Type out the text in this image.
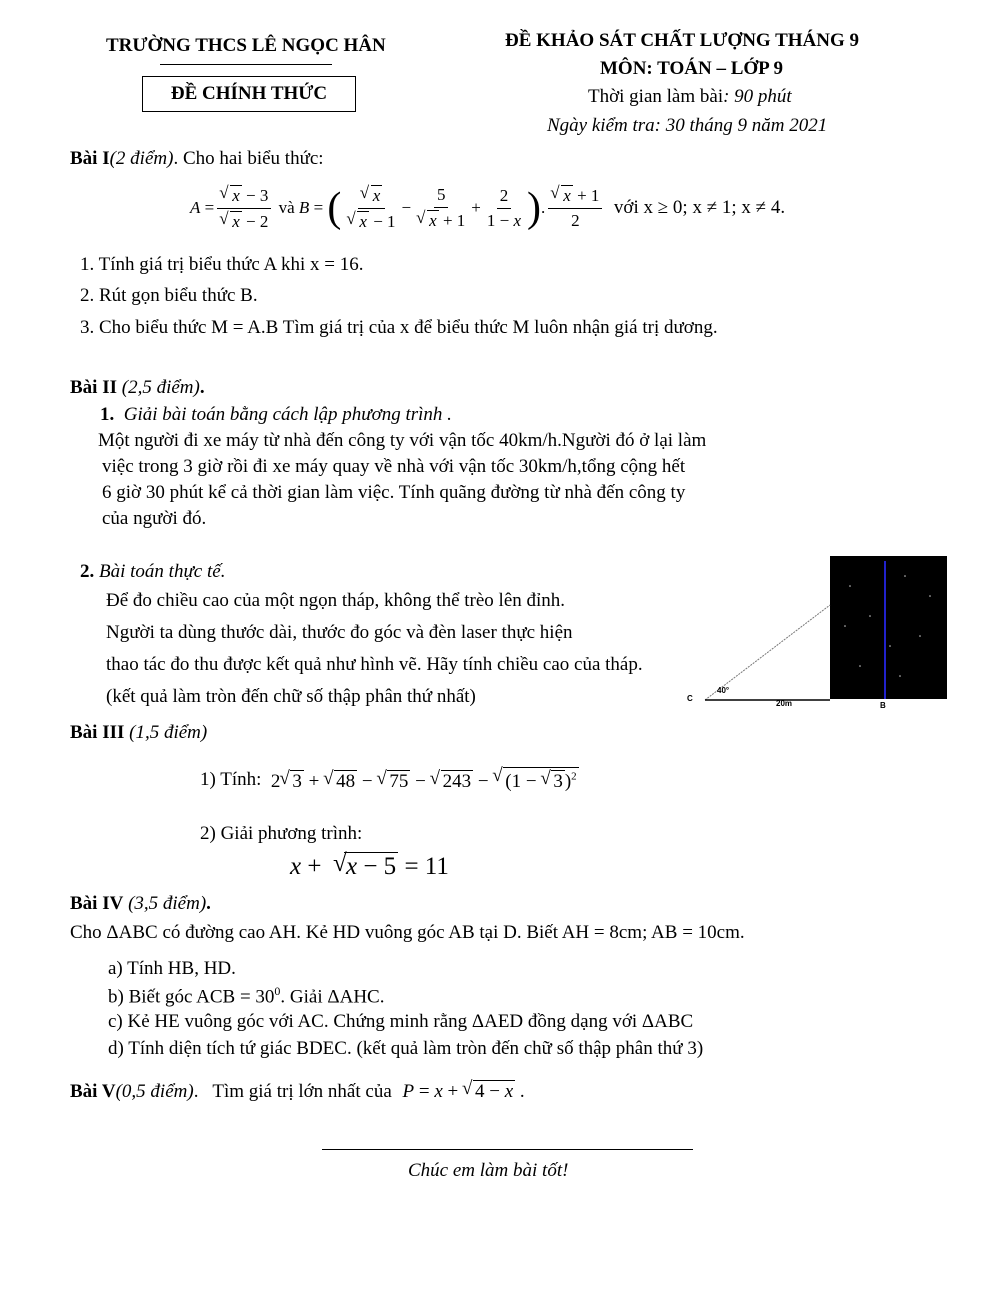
TRƯỜNG THCS LÊ NGỌC HÂN
ĐỀ CHÍNH THỨC
ĐỀ KHẢO SÁT CHẤT LƯỢNG THÁNG 9
MÔN: TOÁN – LỚP 9
Thời gian làm bài: 90 phút
Ngày kiểm tra: 30 tháng 9 năm 2021
Bài I(2 điểm). Cho hai biểu thức:
A = √ x − 3
√ x − 2
và
B = ( √ x
√ x − 1 − 5
√ $x + 1 + \frac{2}{1 - x}$ ) . √ $\frac{x + 1}{2}$
với x ≥ 0; x ≠ 1; x ≠ 4.
1. Tính giá trị biểu thức A khi x = 16.
2. Rút gọn biểu thức B.
3. Cho biểu thức M = A.B Tìm giá trị của x để biểu thức M luôn nhận giá trị dương.
Bài II (2,5 điểm).
1. Giải bài toán bằng cách lập phương trình .
Một người đi xe máy từ nhà đến công ty với vận tốc 40km/h.Người đó ở lại làm
việc trong 3 giờ rồi đi xe máy quay về nhà với vận tốc 30km/h,tổng cộng hết
6 giờ 30 phút kể cả thời gian làm việc. Tính quãng đường từ nhà đến công ty
của người đó.
2. Bài toán thực tế.
Để đo chiều cao của một ngọn tháp, không thể trèo lên đỉnh.
Người ta dùng thước dài, thước đo góc và đèn laser thực hiện
thao tác đo thu được kết quả như hình vẽ. Hãy tính chiều cao của tháp.
(kết quả làm tròn đến chữ số thập phân thứ nhất)	C
40°
20m	B
Bài III (1,5 điểm)
1) Tính:
2 √ 3 + √ 48 − √ 75 − √ 243 − √ (1 − √ 3 )$^2$
2) Giải phương trình:
x +  √ x − 5 = 11
Bài IV (3,5 điểm).
Cho ΔABC có đường cao AH. Kẻ HD vuông góc AB tại D. Biết AH = 8cm; AB = 10cm.
a) Tính HB, HD.
b) Biết góc ACB = $30^0$. Giải ΔAHC.
c) Kẻ HE vuông góc với AC. Chứng minh rằng ΔAED đồng dạng với ΔABC
d) Tính diện tích tứ giác BDEC. (kết quả làm tròn đến chữ số thập phân thứ 3)
Bài V (0,5 điểm) .   Tìm giá trị lớn nhất của P = x + √ 4 − x .
Chúc em làm bài tốt!
